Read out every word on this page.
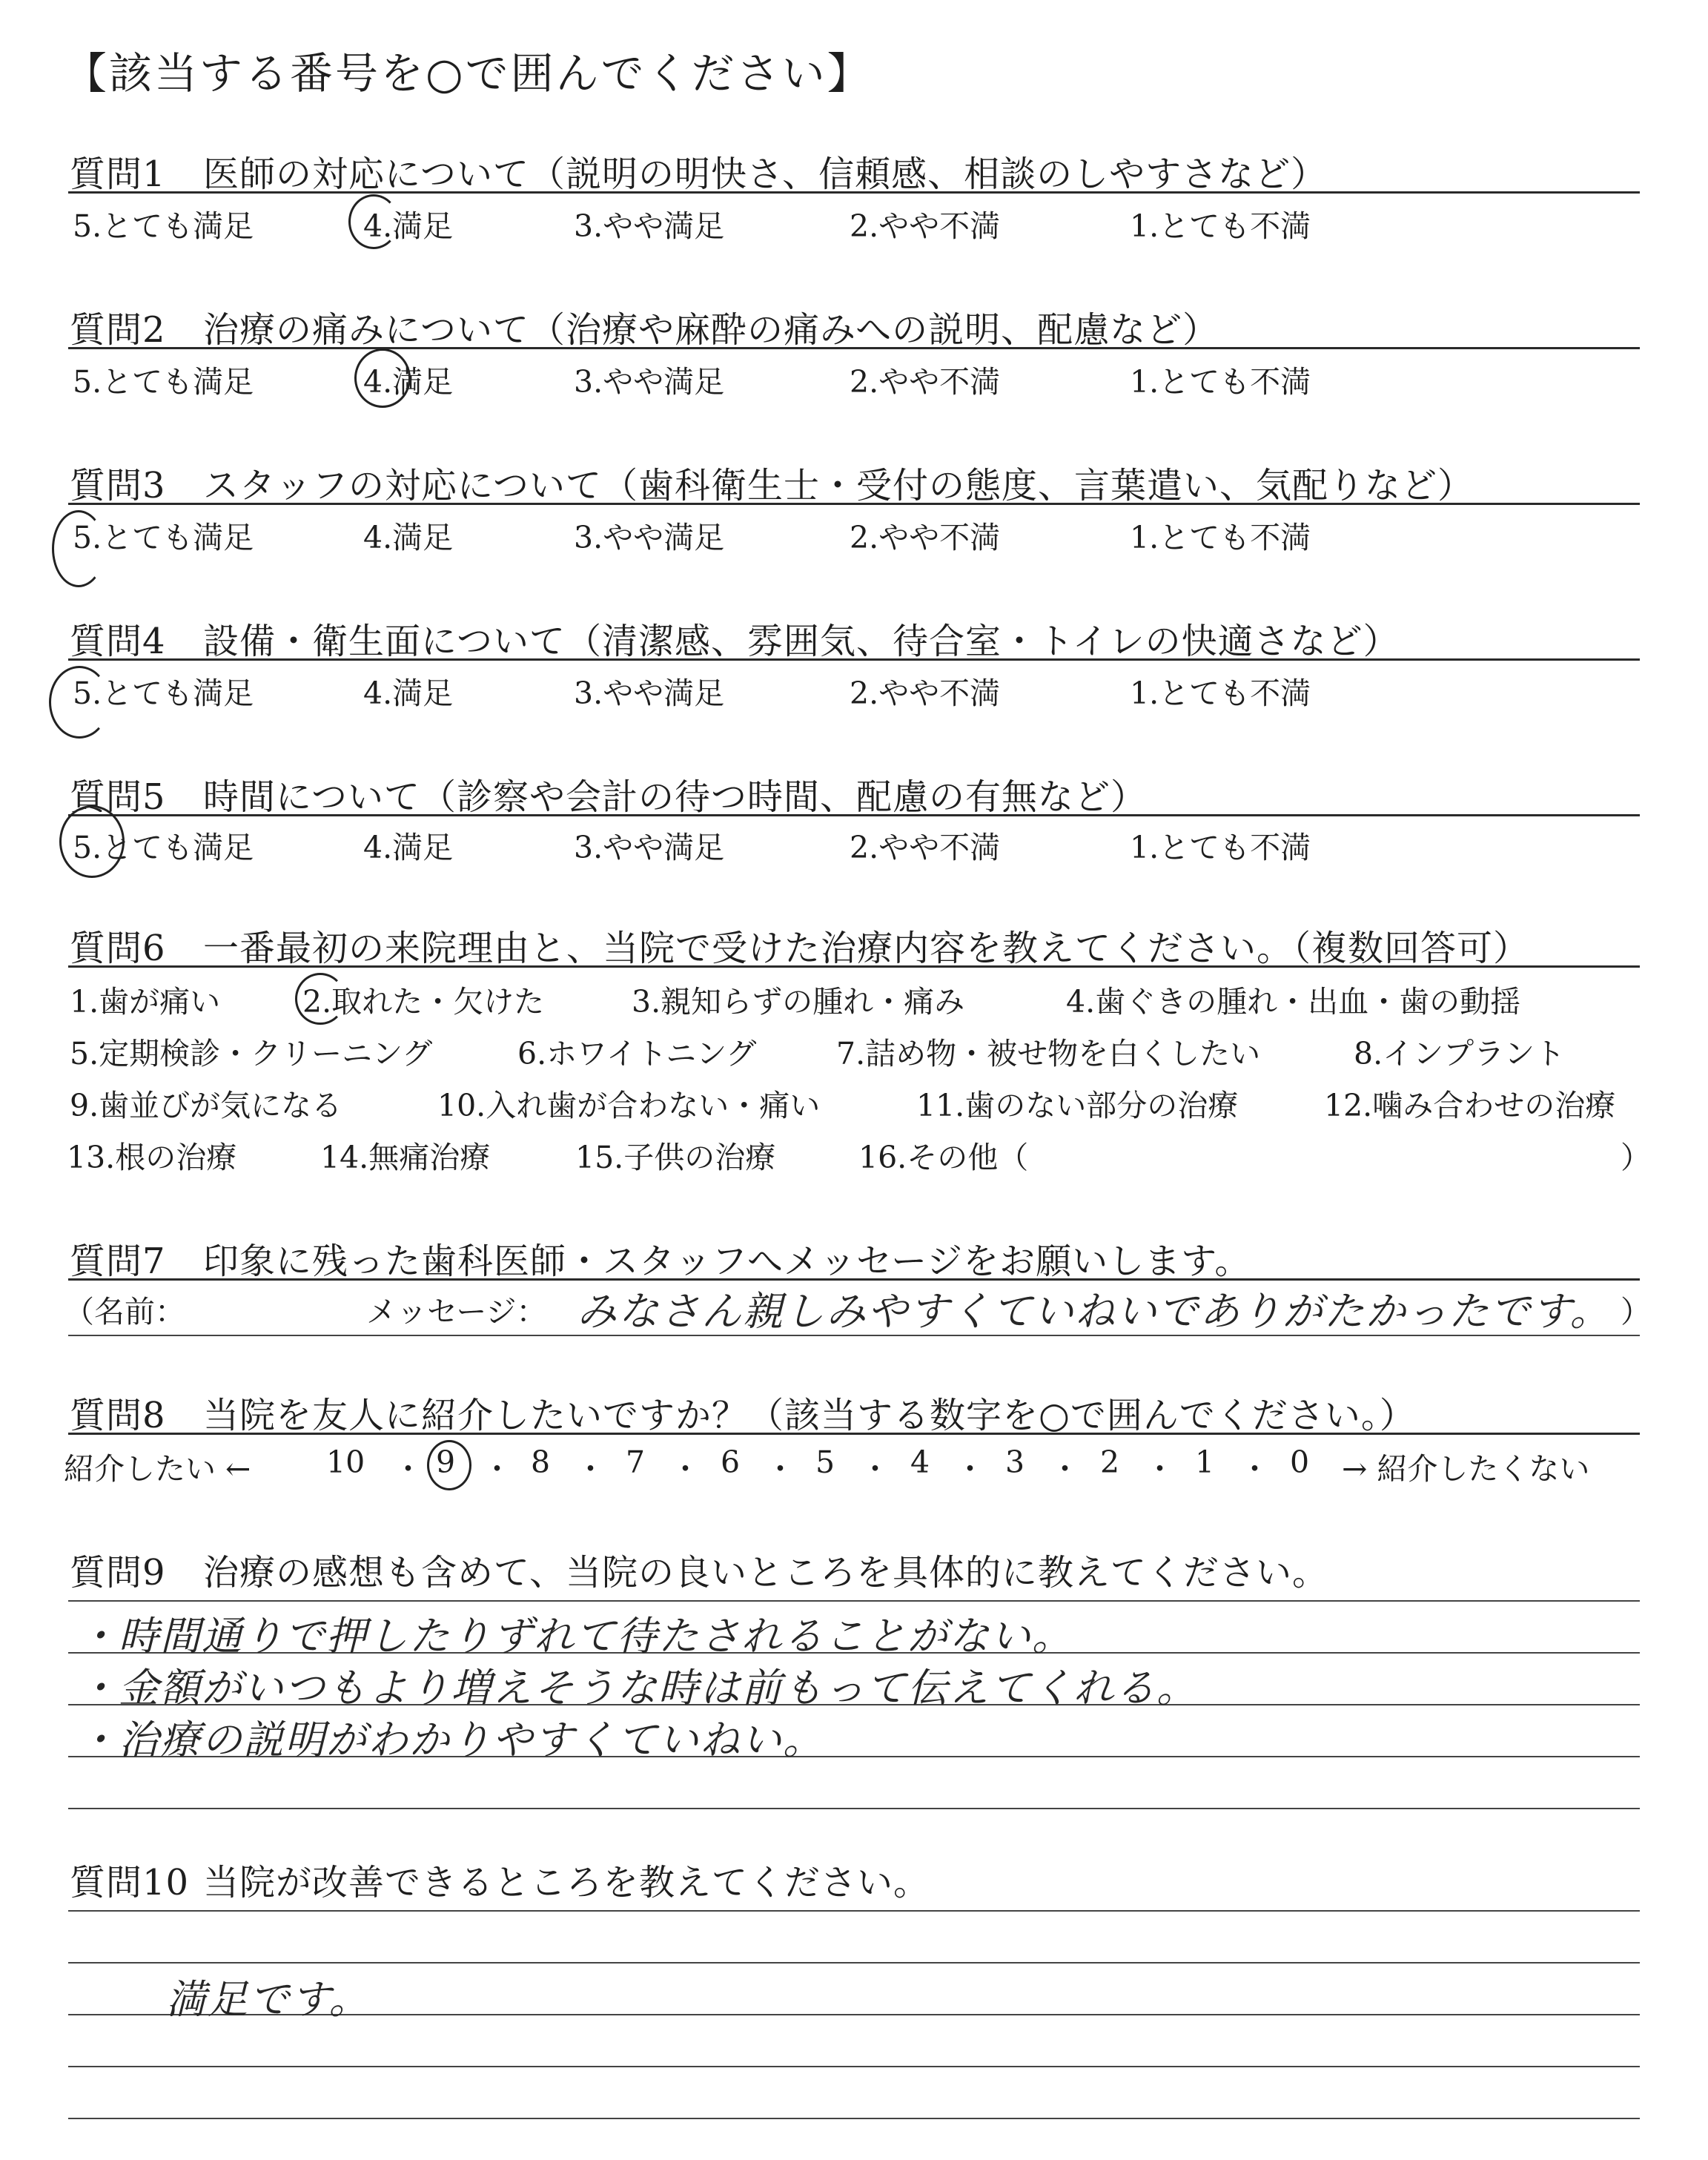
【該当する番号を○で囲んでください】
質問1 医師の対応について（説明の明快さ、信頼感、相談のしやすさなど）
5.とても満足	4.満足	3.やや満足	2.やや不満	1.とても不満
質問2 治療の痛みについて（治療や麻酔の痛みへの説明、配慮など）
5.とても満足	4.満足	3.やや満足	2.やや不満	1.とても不満
質問3 スタッフの対応について（歯科衛生士・受付の態度、言葉遣い、気配りなど）
5.とても満足	4.満足	3.やや満足	2.やや不満	1.とても不満
質問4 設備・衛生面について（清潔感、雰囲気、待合室・トイレの快適さなど）
5.とても満足	4.満足	3.やや満足	2.やや不満	1.とても不満
質問5 時間について（診察や会計の待つ時間、配慮の有無など）
5.とても満足	4.満足	3.やや満足	2.やや不満	1.とても不満
質問6 一番最初の来院理由と、当院で受けた治療内容を教えてください。（複数回答可）
1.歯が痛い	2.取れた・欠けた	3.親知らずの腫れ・痛み	4.歯ぐきの腫れ・出血・歯の動揺
5.定期検診・クリーニング	6.ホワイトニング	7.詰め物・被せ物を白くしたい	8.インプラント
9.歯並びが気になる	10.入れ歯が合わない・痛い	11.歯のない部分の治療	12.噛み合わせの治療
13.根の治療	14.無痛治療	15.子供の治療	16.その他（	）
質問7 印象に残った歯科医師・スタッフへメッセージをお願いします。
（名前：	メッセージ： みなさん親しみやすくていねいでありがたかったです。 ）
質問8 当院を友人に紹介したいですか？（該当する数字を○で囲んでください。）
紹介したい ← 10 ・ 9 ・ 8 ・ 7 ・ 6 ・ 5 ・ 4 ・ 3 ・ 2 ・ 1 ・ 0 → 紹介したくない
質問9 治療の感想も含めて、当院の良いところを具体的に教えてください。
・時間通りで押したりずれて待たされることがない。
・金額がいつもより増えそうな時は前もって伝えてくれる。
・治療の説明がわかりやすくていねい。
質問10 当院が改善できるところを教えてください。
満足です。
